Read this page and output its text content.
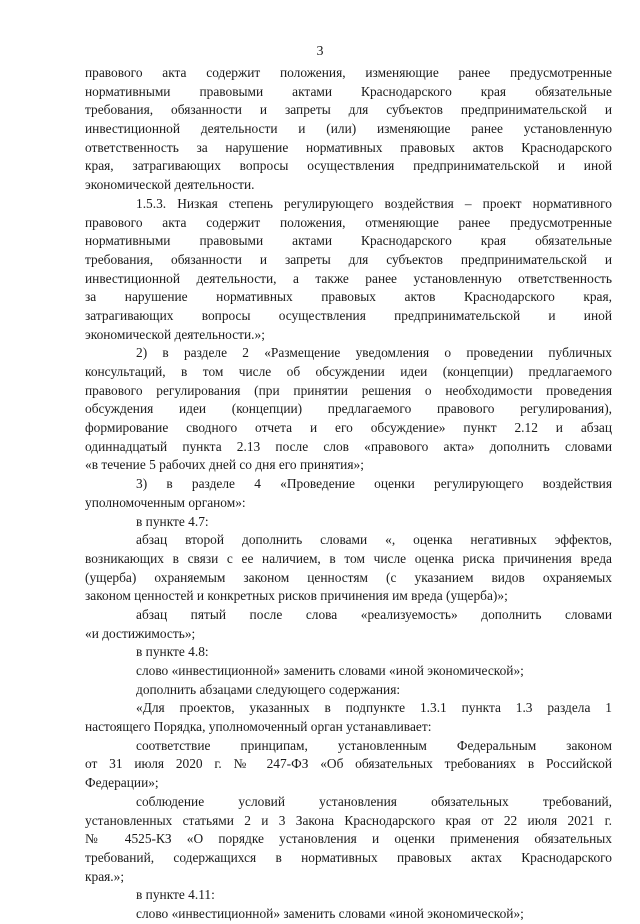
3
правового акта содержит положения, изменяющие ранее предусмотренные
нормативными правовыми актами Краснодарского края обязательные
требования, обязанности и запреты для субъектов предпринимательской и
инвестиционной деятельности и (или) изменяющие ранее установленную
ответственность за нарушение нормативных правовых актов Краснодарского
края, затрагивающих вопросы осуществления предпринимательской и иной
экономической деятельности.
1.5.3. Низкая степень регулирующего воздействия – проект нормативного
правового акта содержит положения, отменяющие ранее предусмотренные
нормативными правовыми актами Краснодарского края обязательные
требования, обязанности и запреты для субъектов предпринимательской и
инвестиционной деятельности, а также ранее установленную ответственность
за нарушение нормативных правовых актов Краснодарского края,
затрагивающих вопросы осуществления предпринимательской и иной
экономической деятельности.»;
2) в разделе 2 «Размещение уведомления о проведении публичных
консультаций, в том числе об обсуждении идеи (концепции) предлагаемого
правового регулирования (при принятии решения о необходимости проведения
обсуждения идеи (концепции) предлагаемого правового регулирования),
формирование сводного отчета и его обсуждение» пункт 2.12 и абзац
одиннадцатый пункта 2.13 после слов «правового акта» дополнить словами
«в течение 5 рабочих дней со дня его принятия»;
3) в разделе 4 «Проведение оценки регулирующего воздействия
уполномоченным органом»:
в пункте 4.7:
абзац второй дополнить словами «, оценка негативных эффектов,
возникающих в связи с ее наличием, в том числе оценка риска причинения вреда
(ущерба) охраняемым законом ценностям (с указанием видов охраняемых
законом ценностей и конкретных рисков причинения им вреда (ущерба)»;
абзац пятый после слова «реализуемость» дополнить словами
«и достижимость»;
в пункте 4.8:
слово «инвестиционной» заменить словами «иной экономической»;
дополнить абзацами следующего содержания:
«Для проектов, указанных в подпункте 1.3.1 пункта 1.3 раздела 1
настоящего Порядка, уполномоченный орган устанавливает:
соответствие принципам, установленным Федеральным законом
от 31 июля 2020 г. № 247-ФЗ «Об обязательных требованиях в Российской
Федерации»;
соблюдение условий установления обязательных требований,
установленных статьями 2 и 3 Закона Краснодарского края от 22 июля 2021 г.
№ 4525-КЗ «О порядке установления и оценки применения обязательных
требований, содержащихся в нормативных правовых актах Краснодарского
края.»;
в пункте 4.11:
слово «инвестиционной» заменить словами «иной экономической»;
